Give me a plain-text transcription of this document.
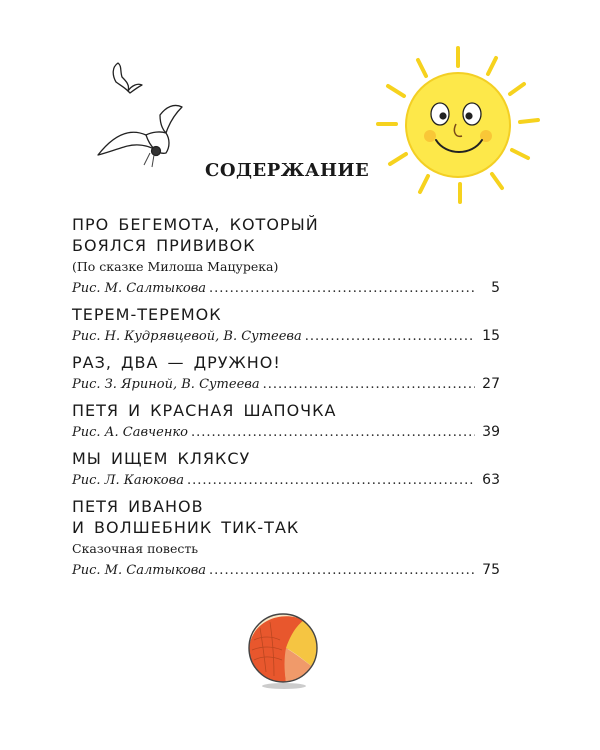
СОДЕРЖАНИЕ
ПРО БЕГЕМОТА, КОТОРЫЙ
БОЯЛСЯ ПРИВИВОК
(По сказке Милоша Мацурека)
Рис. М. Салтыкова .....	5
ТЕРЕМ-ТЕРЕМОК
Рис. Н. Кудрявцевой, В. Сутеева .....	15
РАЗ, ДВА — ДРУЖНО!
Рис. З. Яриной, В. Сутеева .....	27
ПЕТЯ И КРАСНАЯ ШАПОЧКА
Рис. А. Савченко .....	39
МЫ ИЩЕМ КЛЯКСУ
Рис. Л. Каюкова .....	63
ПЕТЯ ИВАНОВ
И ВОЛШЕБНИК ТИК-ТАК
Сказочная повесть
Рис. М. Салтыкова .....	75
